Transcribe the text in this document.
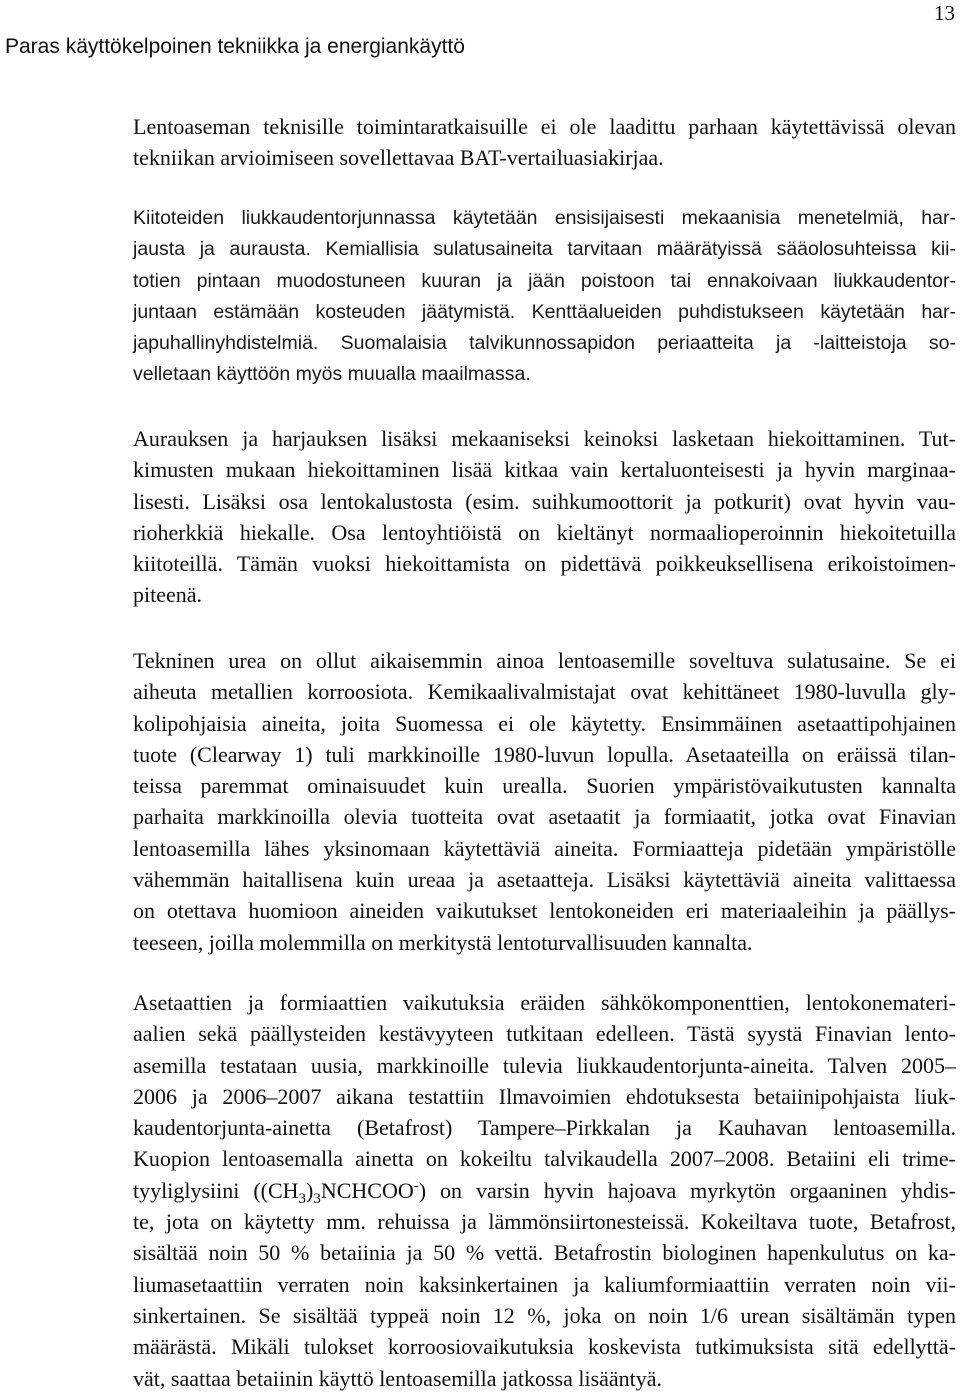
Paras käyttökelpoinen tekniikka ja energiankäyttö
13
Lentoaseman teknisille toimintaratkaisuille ei ole laadittu parhaan käytettävissä olevan
tekniikan arvioimiseen sovellettavaa BAT-vertailuasiakirjaa.
Kiitoteiden liukkaudentorjunnassa käytetään ensisijaisesti mekaanisia menetelmiä, har-
jausta ja aurausta. Kemiallisia sulatusaineita tarvitaan määrätyissä sääolosuhteissa kii-
totien pintaan muodostuneen kuuran ja jään poistoon tai ennakoivaan liukkaudentor-
juntaan estämään kosteuden jäätymistä. Kenttäalueiden puhdistukseen käytetään har-
japuhallinyhdistelmiä. Suomalaisia talvikunnossapidon periaatteita ja -laitteistoja so-
velletaan käyttöön myös muualla maailmassa.
Aurauksen ja harjauksen lisäksi mekaaniseksi keinoksi lasketaan hiekoittaminen. Tut-
kimusten mukaan hiekoittaminen lisää kitkaa vain kertaluonteisesti ja hyvin marginaa-
lisesti. Lisäksi osa lentokalustosta (esim. suihkumoottorit ja potkurit) ovat hyvin vau-
rioherkkiä hiekalle. Osa lentoyhtiöistä on kieltänyt normaalioperoinnin hiekoitetuilla
kiitoteillä. Tämän vuoksi hiekoittamista on pidettävä poikkeuksellisena erikoistoimen-
piteenä.
Tekninen urea on ollut aikaisemmin ainoa lentoasemille soveltuva sulatusaine. Se ei
aiheuta metallien korroosiota. Kemikaalivalmistajat ovat kehittäneet 1980-luvulla gly-
kolipohjaisia aineita, joita Suomessa ei ole käytetty. Ensimmäinen asetaattipohjainen
tuote (Clearway 1) tuli markkinoille 1980-luvun lopulla. Asetaateilla on eräissä tilan-
teissa paremmat ominaisuudet kuin urealla. Suorien ympäristövaikutusten kannalta
parhaita markkinoilla olevia tuotteita ovat asetaatit ja formiaatit, jotka ovat Finavian
lentoasemilla lähes yksinomaan käytettäviä aineita. Formiaatteja pidetään ympäristölle
vähemmän haitallisena kuin ureaa ja asetaatteja. Lisäksi käytettäviä aineita valittaessa
on otettava huomioon aineiden vaikutukset lentokoneiden eri materiaaleihin ja päällys-
teeseen, joilla molemmilla on merkitystä lentoturvallisuuden kannalta.
Asetaattien ja formiaattien vaikutuksia eräiden sähkökomponenttien, lentokonemateri-
aalien sekä päällysteiden kestävyyteen tutkitaan edelleen. Tästä syystä Finavian lento-
asemilla testataan uusia, markkinoille tulevia liukkaudentorjunta-aineita. Talven 2005–
2006 ja 2006–2007 aikana testattiin Ilmavoimien ehdotuksesta betaiinipohjaista liuk-
kaudentorjunta-ainetta (Betafrost) Tampere–Pirkkalan ja Kauhavan lentoasemilla.
Kuopion lentoasemalla ainetta on kokeiltu talvikaudella 2007–2008. Betaiini eli trime-
tyyliglysiini $((CH_3)_3NCHCOO^-)$ on varsin hyvin hajoava myrkytön orgaaninen yhdis-
te, jota on käytetty mm. rehuissa ja lämmönsiirtonesteissä. Kokeiltava tuote, Betafrost,
sisältää noin 50 % betaiinia ja 50 % vettä. Betafrostin biologinen hapenkulutus on ka-
liumasetaattiin verraten noin kaksinkertainen ja kaliumformiaattiin verraten noin vii-
sinkertainen. Se sisältää typpeä noin 12 %, joka on noin 1/6 urean sisältämän typen
määrästä. Mikäli tulokset korroosiovaikutuksia koskevista tutkimuksista sitä edellyttä-
vät, saattaa betaiinin käyttö lentoasemilla jatkossa lisääntyä.
